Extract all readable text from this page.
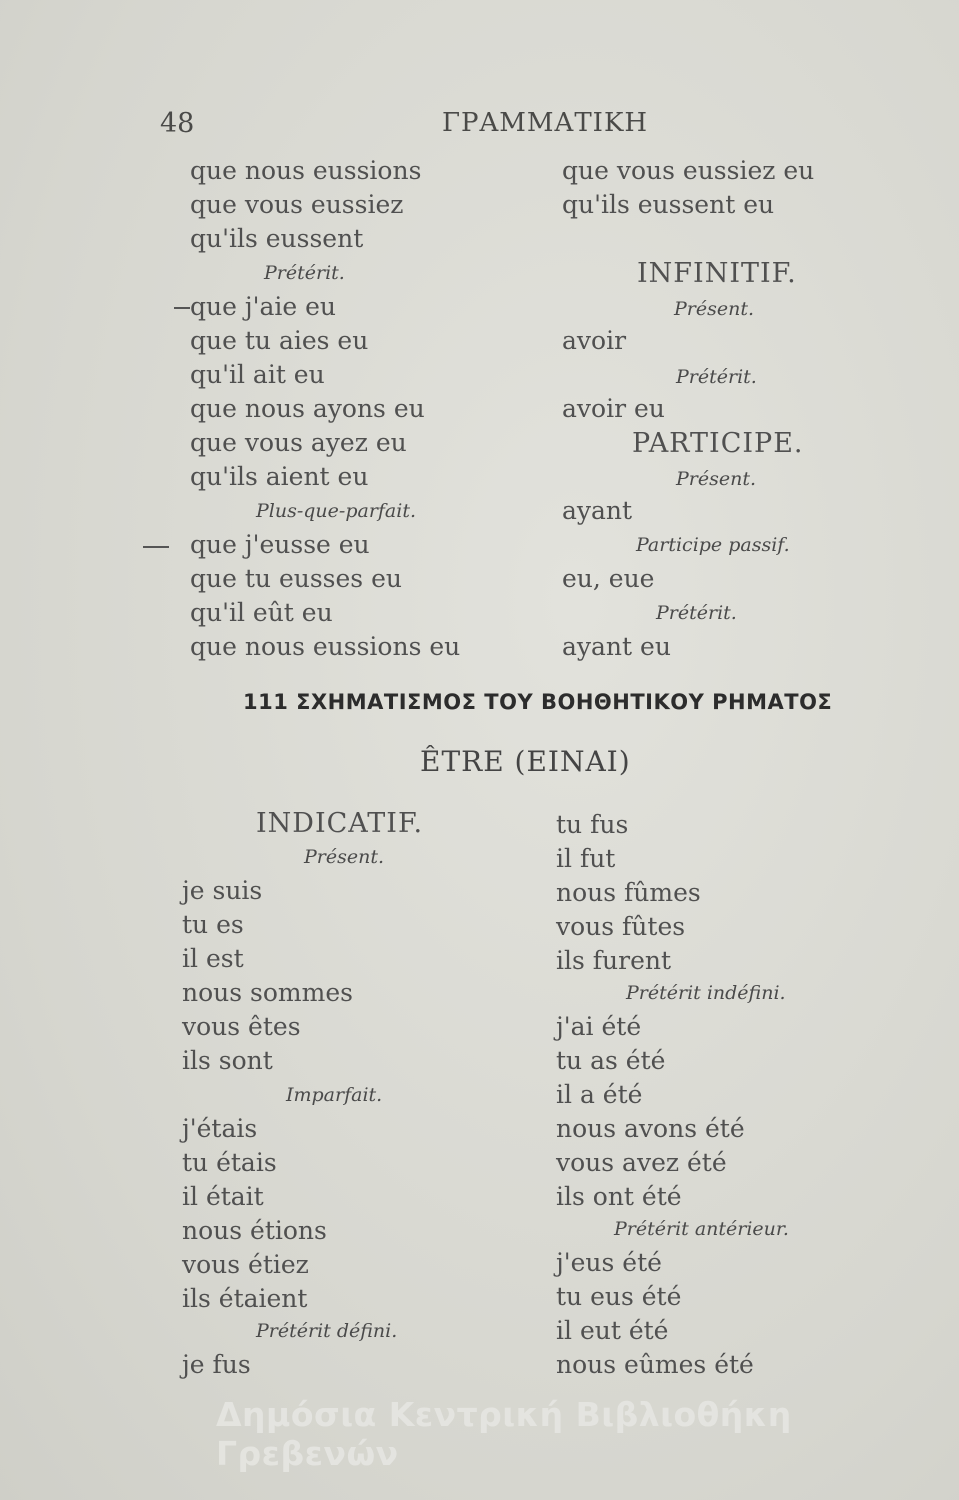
48	ΓΡΑΜΜΑΤΙΚΗ
que nous eussions
que vous eussiez
qu'ils eussent
Prétérit.
que j'aie eu
que tu aies eu
qu'il ait eu
que nous ayons eu
que vous ayez eu
qu'ils aient eu
Plus-que-parfait.
que j'eusse eu
que tu eusses eu
qu'il eût eu
que nous eussions eu
que vous eussiez eu
qu'ils eussent eu
INFINITIF.
Présent.
avoir
Prétérit.
avoir eu
PARTICIPE.
Présent.
ayant
Participe passif.
eu, eue
Prétérit.
ayant eu
111 ΣΧΗΜΑΤΙΣΜΟΣ ΤΟΥ ΒΟΗΘΗΤΙΚΟΥ ΡΗΜΑΤΟΣ
ÊTRE (EINAI)
INDICATIF.
Présent.
je suis
tu es
il est
nous sommes
vous êtes
ils sont
Imparfait.
j'étais
tu étais
il était
nous étions
vous étiez
ils étaient
Prétérit défini.
je fus
tu fus
il fut
nous fûmes
vous fûtes
ils furent
Prétérit indéfini.
j'ai été
tu as été
il a été
nous avons été
vous avez été
ils ont été
Prétérit antérieur.
j'eus été
tu eus été
il eut été
nous eûmes été
Δημόσια Κεντρική Βιβλιοθήκη Γρεβενών
